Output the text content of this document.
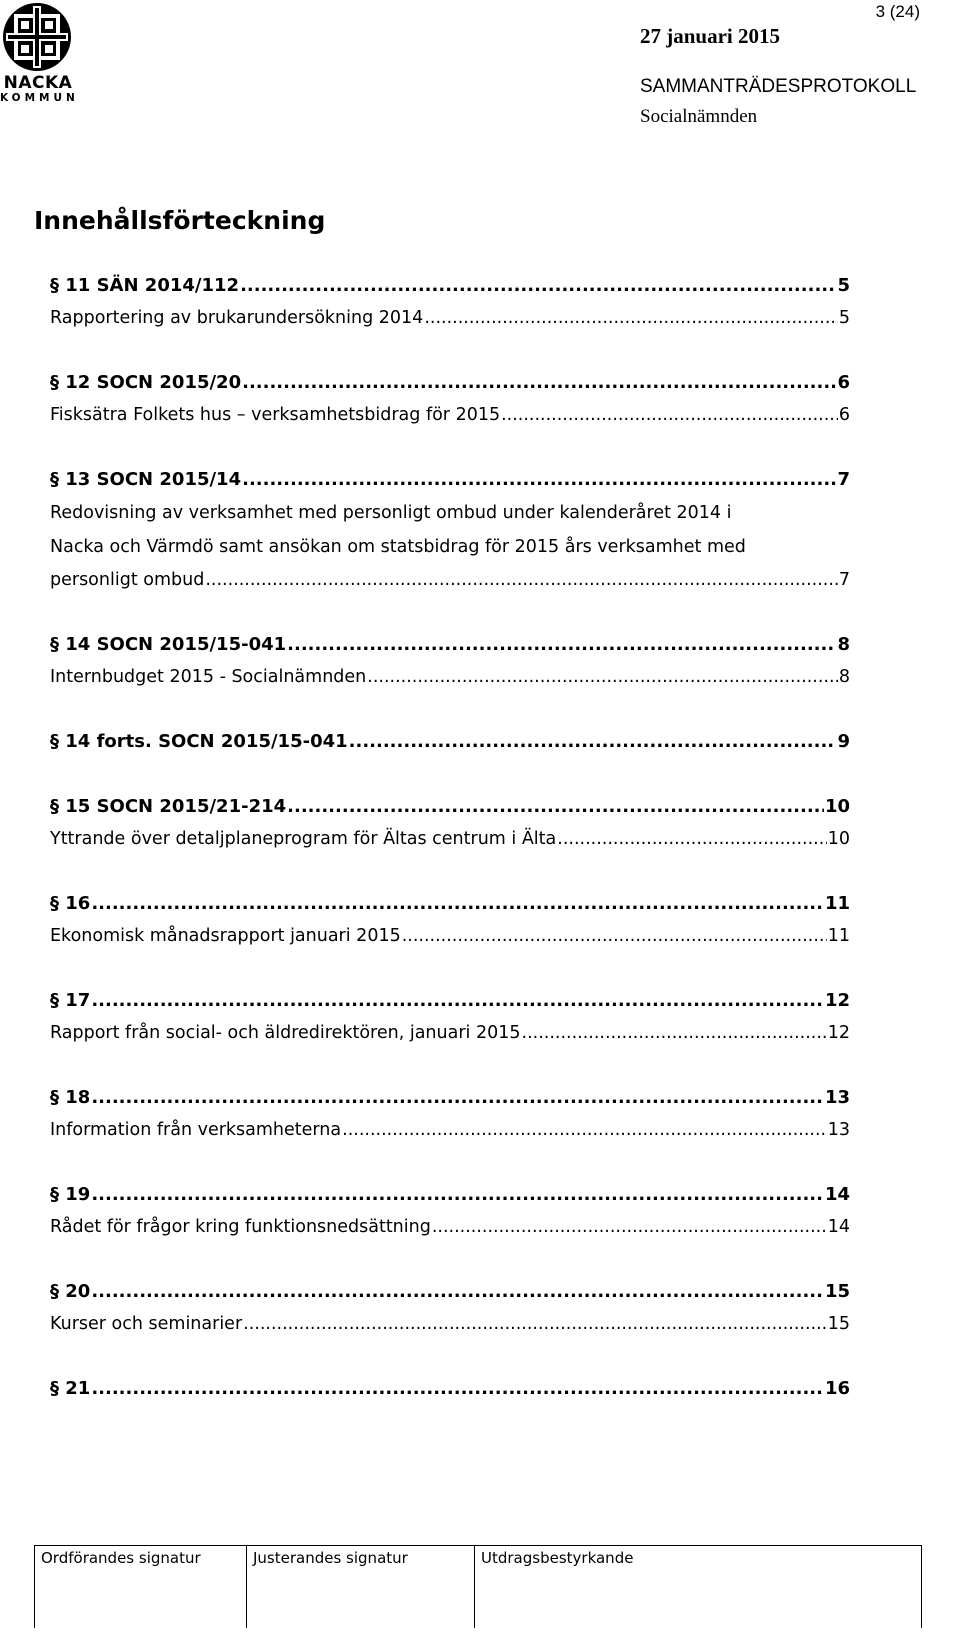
NACKA
KOMMUN
3 (24)
27 januari 2015
SAMMANTRÄDESPROTOKOLL
Socialnämnden
Innehållsförteckning
§ 11 SÄN 2014/112 .....	5
Rapportering av brukarundersökning 2014 .....	5
§ 12 SOCN 2015/20 .....	6
Fisksätra Folkets hus – verksamhetsbidrag för 2015 .....	6
§ 13 SOCN 2015/14 .....	7
Redovisning av verksamhet med personligt ombud under kalenderåret 2014 i
Nacka och Värmdö samt ansökan om statsbidrag för 2015 års verksamhet med
personligt ombud .....	7
§ 14 SOCN 2015/15-041 .....	8
Internbudget 2015 - Socialnämnden .....	8
§ 14 forts. SOCN 2015/15-041 .....	9
§ 15 SOCN 2015/21-214 .....	10
Yttrande över detaljplaneprogram för Ältas centrum i Älta .....	10
§ 16 .....	11
Ekonomisk månadsrapport januari 2015 .....	11
§ 17 .....	12
Rapport från social- och äldredirektören, januari 2015 .....	12
§ 18 .....	13
Information från verksamheterna .....	13
§ 19 .....	14
Rådet för frågor kring funktionsnedsättning .....	14
§ 20 .....	15
Kurser och seminarier .....	15
§ 21 .....	16
Ordförandes signatur	Justerandes signatur	Utdragsbestyrkande
